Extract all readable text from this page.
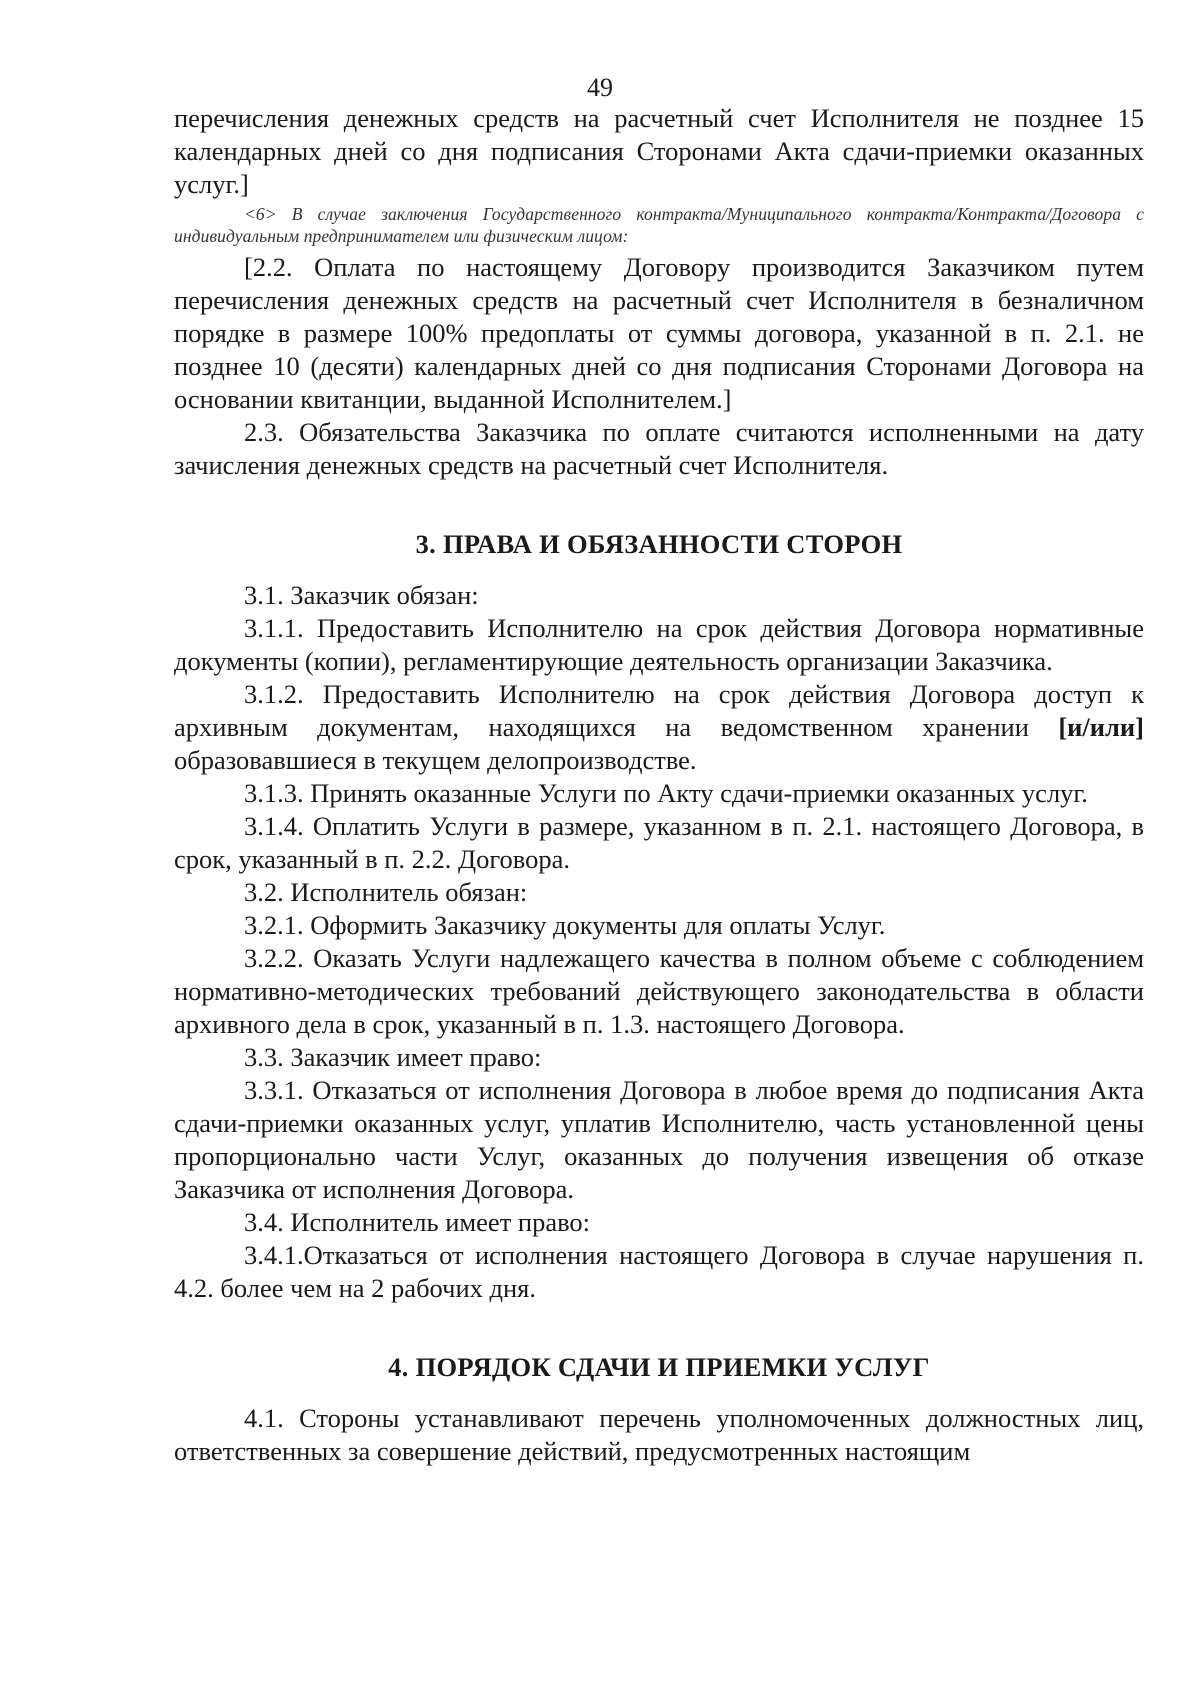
49

перечисления денежных средств на расчетный счет Исполнителя не позднее 15 календарных дней со дня подписания Сторонами Акта сдачи-приемки оказанных услуг.]

<6> В случае заключения Государственного контракта/Муниципального контракта/Контракта/Договора с индивидуальным предпринимателем или физическим лицом:

[2.2. Оплата по настоящему Договору производится Заказчиком путем перечисления денежных средств на расчетный счет Исполнителя в безналичном порядке в размере 100% предоплаты от суммы договора, указанной в п. 2.1. не позднее 10 (десяти) календарных дней со дня подписания Сторонами Договора на основании квитанции, выданной Исполнителем.]

2.3. Обязательства Заказчика по оплате считаются исполненными на дату зачисления денежных средств на расчетный счет Исполнителя.

3. ПРАВА И ОБЯЗАННОСТИ СТОРОН

3.1. Заказчик обязан:

3.1.1. Предоставить Исполнителю на срок действия Договора нормативные документы (копии), регламентирующие деятельность организации Заказчика.

3.1.2. Предоставить Исполнителю на срок действия Договора доступ к архивным документам, находящихся на ведомственном хранении [и/или] образовавшиеся в текущем делопроизводстве.

3.1.3. Принять оказанные Услуги по Акту сдачи-приемки оказанных услуг.

3.1.4. Оплатить Услуги в размере, указанном в п. 2.1. настоящего Договора, в срок, указанный в п. 2.2. Договора.

3.2. Исполнитель обязан:

3.2.1. Оформить Заказчику документы для оплаты Услуг.

3.2.2. Оказать Услуги надлежащего качества в полном объеме с соблюдением нормативно-методических требований действующего законодательства в области архивного дела в срок, указанный в п. 1.3. настоящего Договора.

3.3. Заказчик имеет право:

3.3.1. Отказаться от исполнения Договора в любое время до подписания Акта сдачи-приемки оказанных услуг, уплатив Исполнителю, часть установленной цены пропорционально части Услуг, оказанных до получения извещения об отказе Заказчика от исполнения Договора.

3.4. Исполнитель имеет право:

3.4.1.Отказаться от исполнения настоящего Договора в случае нарушения п. 4.2. более чем на 2 рабочих дня.

4. ПОРЯДОК СДАЧИ И ПРИЕМКИ УСЛУГ

4.1. Стороны устанавливают перечень уполномоченных должностных лиц, ответственных за совершение действий, предусмотренных настоящим
